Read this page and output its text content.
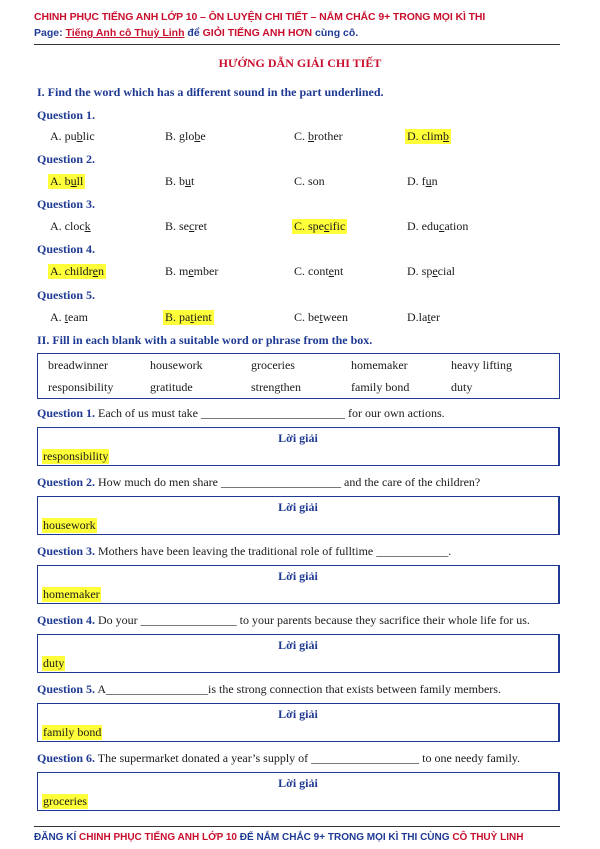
CHINH PHỤC TIẾNG ANH LỚP 10 – ÔN LUYỆN CHI TIẾT – NẮM CHẮC 9+ TRONG MỌI KÌ THI
Page: Tiếng Anh cô Thuỳ Linh để GIỎI TIẾNG ANH HƠN cùng cô.
HƯỚNG DẪN GIẢI CHI TIẾT
I. Find the word which has a different sound in the part underlined.
Question 1.
A. public	B. globe	C. brother	D. climb
Question 2.
A. bull	B. but	C. son	D. fun
Question 3.
A. clock	B. secret	C. specific	D. education
Question 4.
A. children	B. member	C. content	D. special
Question 5.
A. team	B. patient	C. between	D.later
II. Fill in each blank with a suitable word or phrase from the box.
breadwinner	housework	groceries	homemaker	heavy lifting
responsibility	gratitude	strengthen	family bond	duty
Question 1. Each of us must take ________________________ for our own actions.
Lời giải
responsibility
Question 2. How much do men share ____________________ and the care of the children?
Lời giải
housework
Question 3. Mothers have been leaving the traditional role of fulltime ____________.
Lời giải
homemaker
Question 4. Do your ________________ to your parents because they sacrifice their whole life for us.
Lời giải
duty
Question 5. A_________________is the strong connection that exists between family members.
Lời giải
family bond
Question 6. The supermarket donated a year’s supply of __________________ to one needy family.
Lời giải
groceries
ĐĂNG KÍ CHINH PHỤC TIẾNG ANH LỚP 10 ĐỂ NẮM CHẮC 9+ TRONG MỌI KÌ THI CÙNG CÔ THUỲ LINH
